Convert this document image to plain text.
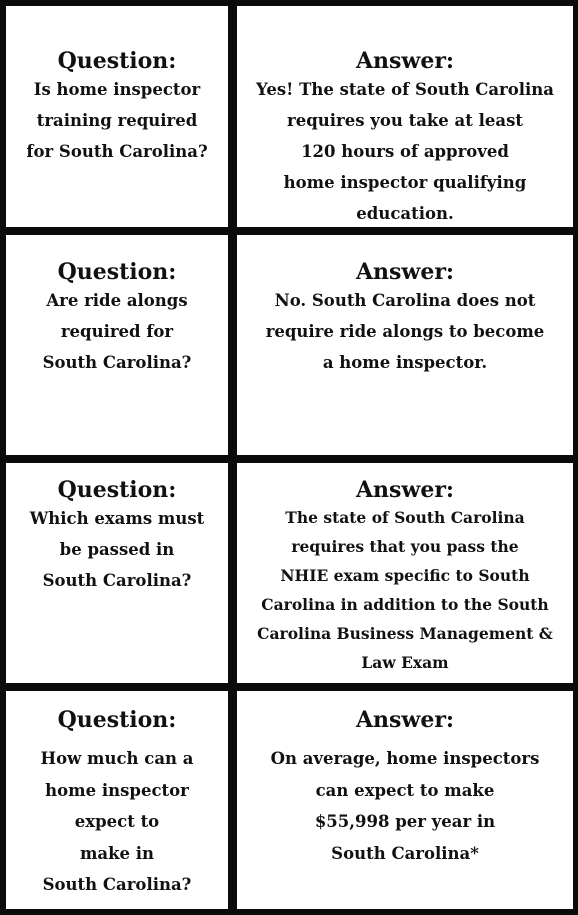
Question:
Is home inspector
training required
for South Carolina?
Answer:
Yes! The state of South Carolina
requires you take at least
120 hours of approved
home inspector qualifying
education.
Question:
Are ride alongs
required for
South Carolina?
Answer:
No. South Carolina does not
require ride alongs to become
a home inspector.
Question:
Which exams must
be passed in
South Carolina?
Answer:
The state of South Carolina
requires that you pass the
NHIE exam specific to South
Carolina in addition to the South
Carolina Business Management &
Law Exam
Question:
How much can a
home inspector
expect to
make in
South Carolina?
Answer:
On average, home inspectors
can expect to make
$55,998 per year in
South Carolina*
